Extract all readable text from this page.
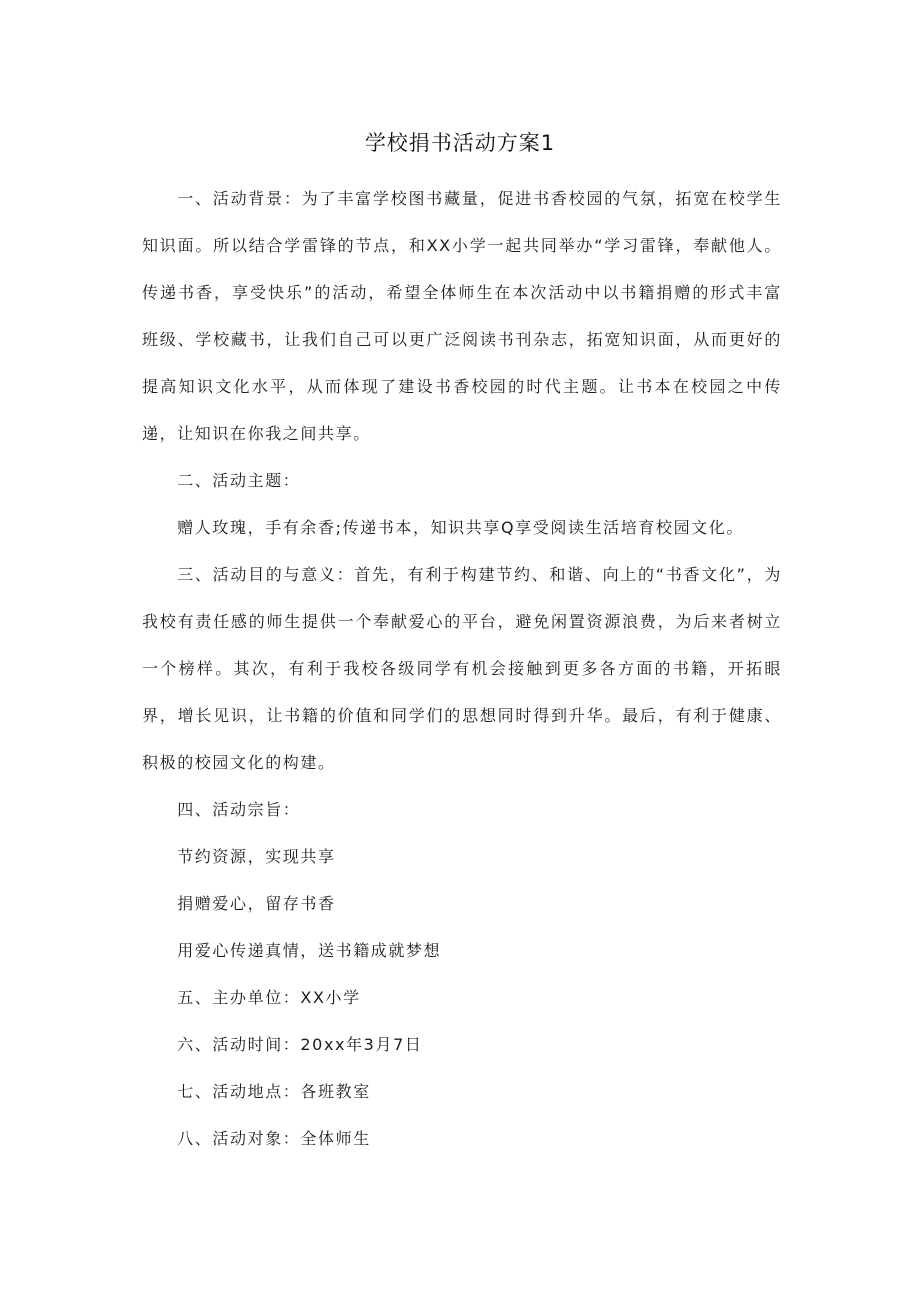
学校捐书活动方案1

一、活动背景：为了丰富学校图书藏量，促进书香校园的气氛，拓宽在校学生知识面。所以结合学雷锋的节点，和XX小学一起共同举办“学习雷锋，奉献他人。传递书香，享受快乐”的活动，希望全体师生在本次活动中以书籍捐赠的形式丰富班级、学校藏书，让我们自己可以更广泛阅读书刊杂志，拓宽知识面，从而更好的提高知识文化水平，从而体现了建设书香校园的时代主题。让书本在校园之中传递，让知识在你我之间共享。

二、活动主题：

赠人玫瑰，手有余香;传递书本，知识共享Q享受阅读生活培育校园文化。

三、活动目的与意义：首先，有利于构建节约、和谐、向上的“书香文化”，为我校有责任感的师生提供一个奉献爱心的平台，避免闲置资源浪费，为后来者树立一个榜样。其次，有利于我校各级同学有机会接触到更多各方面的书籍，开拓眼界，增长见识，让书籍的价值和同学们的思想同时得到升华。最后，有利于健康、积极的校园文化的构建。

四、活动宗旨：

节约资源，实现共享

捐赠爱心，留存书香

用爱心传递真情，送书籍成就梦想

五、主办单位：XX小学

六、活动时间：20xx年3月7日

七、活动地点：各班教室

八、活动对象：全体师生
